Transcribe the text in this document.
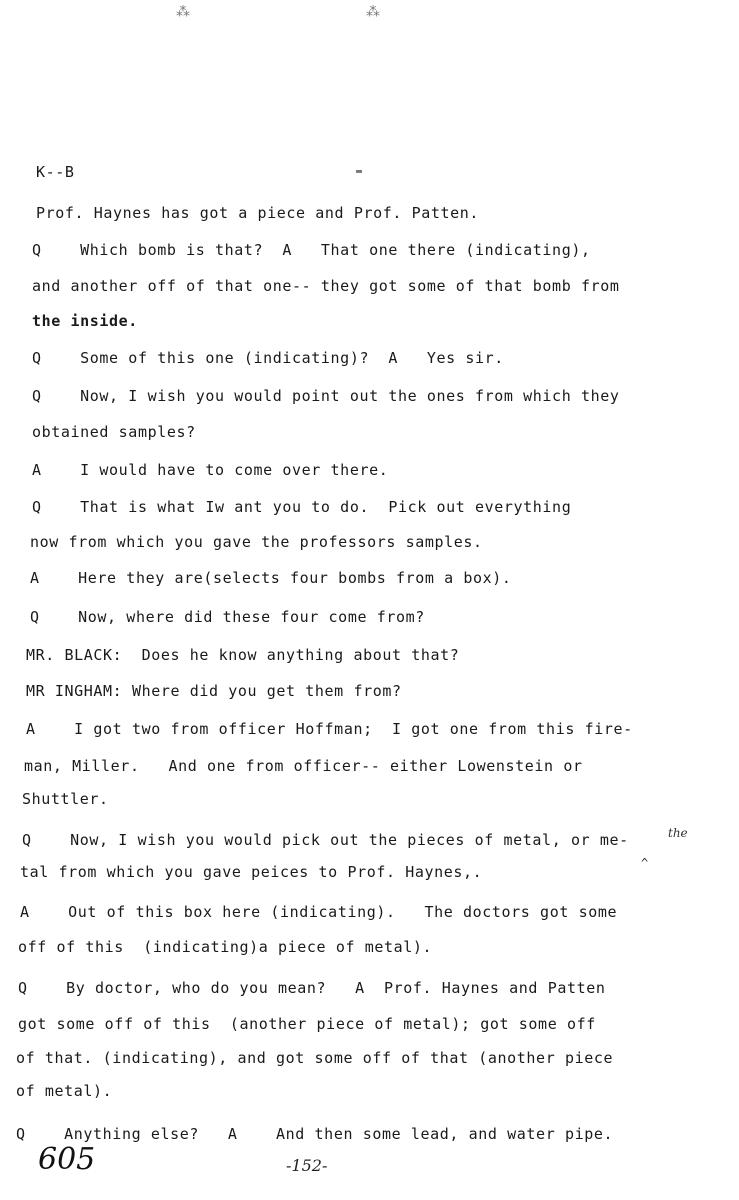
⁂	⁂
▬
K--B
Prof. Haynes has got a piece and Prof. Patten.
Q    Which bomb is that?  A   That one there (indicating),
and another off of that one-- they got some of that bomb from
the inside.
Q    Some of this one (indicating)?  A   Yes sir.
Q    Now, I wish you would point out the ones from which they
obtained samples?
A    I would have to come over there.
Q    That is what Iw ant you to do.  Pick out everything
now from which you gave the professors samples.
A    Here they are(selects four bombs from a box).
Q    Now, where did these four come from?
MR. BLACK:  Does he know anything about that?
MR INGHAM: Where did you get them from?
A    I got two from officer Hoffman;  I got one from this fire-
man, Miller.   And one from officer-- either Lowenstein or
Shuttler.
the
Q    Now, I wish you would pick out the pieces of metal, or me-
^
tal from which you gave peices to Prof. Haynes,.
A    Out of this box here (indicating).   The doctors got some
off of this  (indicating)a piece of metal).
Q    By doctor, who do you mean?   A  Prof. Haynes and Patten
got some off of this  (another piece of metal); got some off
of that. (indicating), and got some off of that (another piece
of metal).
Q    Anything else?   A    And then some lead, and water pipe.
605	-152-
